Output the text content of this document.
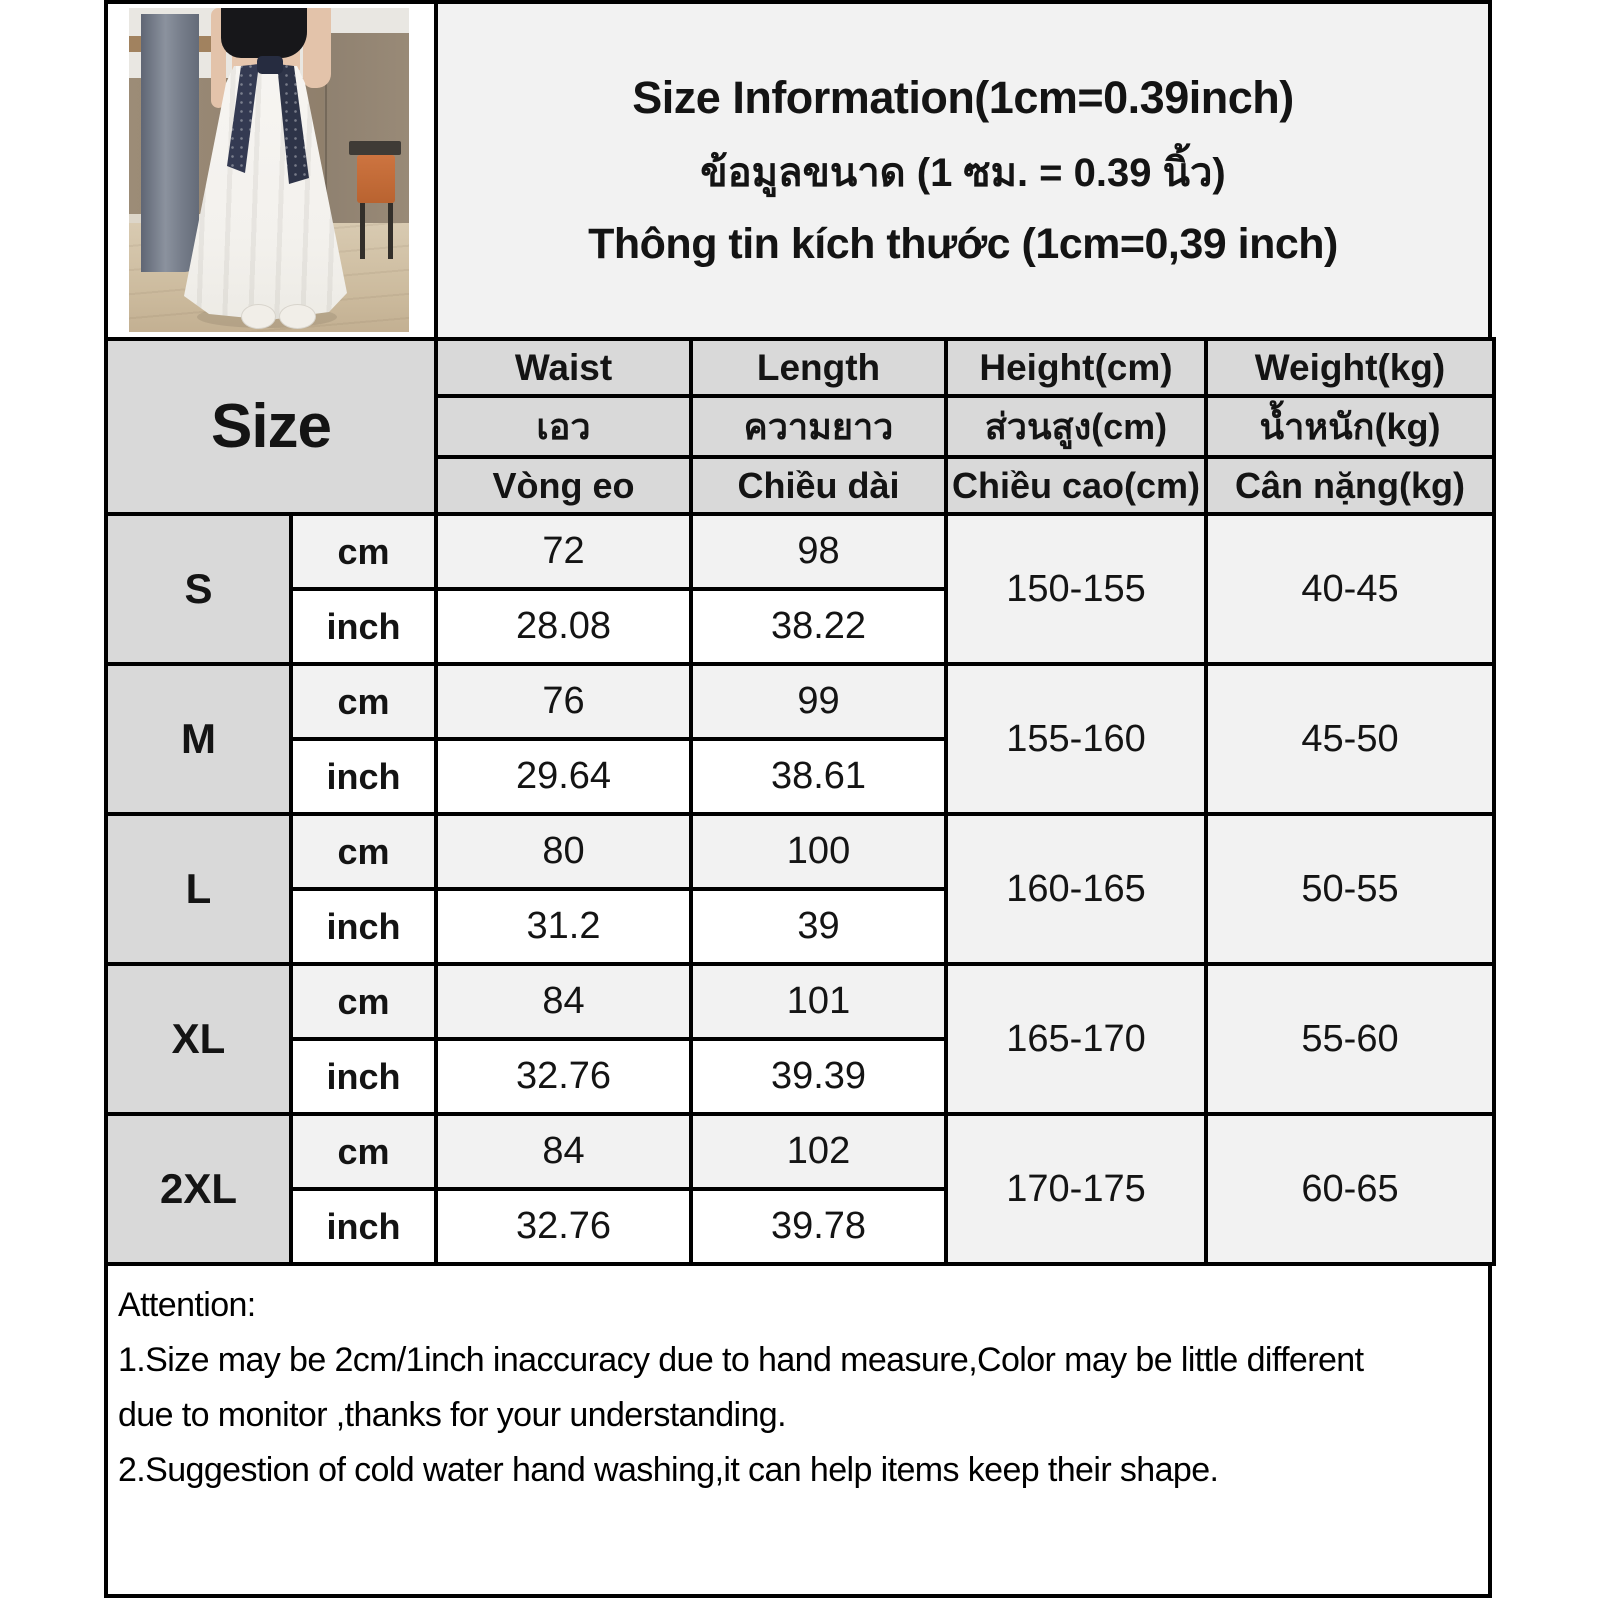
Size Information(1cm=0.39inch)
ข้อมูลขนาด (1 ซม. = 0.39 นิ้ว)
Thông tin kích thước (1cm=0,39 inch)
Size		Waist	Length	Height(cm)	Weight(kg)
		เอว	ความยาว	ส่วนสูง(cm)	น้ำหนัก(kg)
		Vòng eo	Chiều dài	Chiều cao(cm)	Cân nặng(kg)
S	cm	72	98	150-155	40-45
	inch	28.08	38.22		
M	cm	76	99	155-160	45-50
	inch	29.64	38.61		
L	cm	80	100	160-165	50-55
	inch	31.2	39		
XL	cm	84	101	165-170	55-60
	inch	32.76	39.39		
2XL	cm	84	102	170-175	60-65
	inch	32.76	39.78		
Attention:
1.Size may be 2cm/1inch inaccuracy due to hand measure,Color may be little different
due to monitor ,thanks for your understanding.
2.Suggestion of cold water hand washing,it can help items keep their shape.
